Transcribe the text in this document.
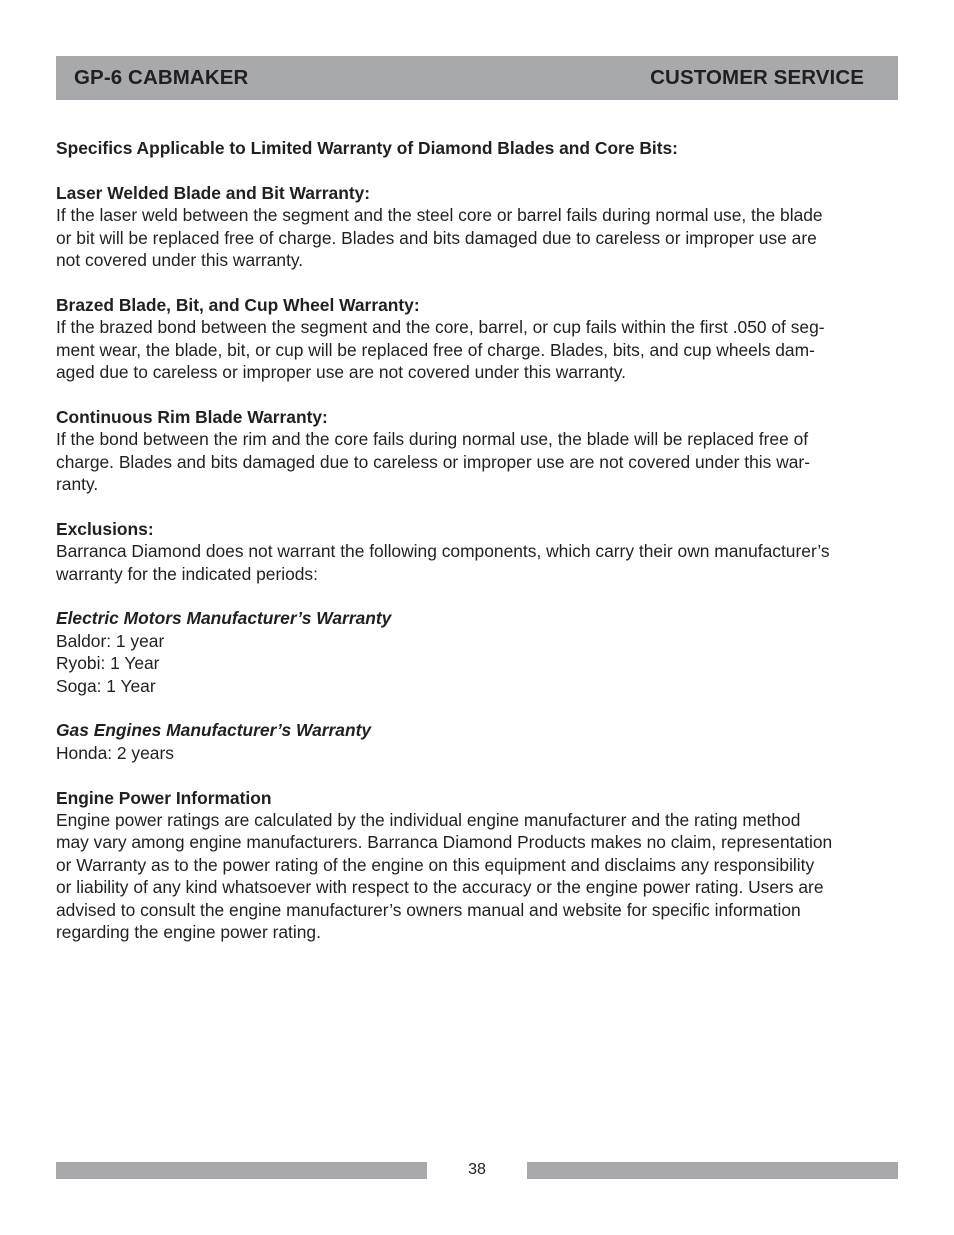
GP-6 CABMAKER	CUSTOMER SERVICE

Specifics Applicable to Limited Warranty of Diamond Blades and Core Bits:

Laser Welded Blade and Bit Warranty:

If the laser weld between the segment and the steel core or barrel fails during normal use, the blade
or bit will be replaced free of charge. Blades and bits damaged due to careless or improper use are
not covered under this warranty.

Brazed Blade, Bit, and Cup Wheel Warranty:

If the brazed bond between the segment and the core, barrel, or cup fails within the first .050 of seg-
ment wear, the blade, bit, or cup will be replaced free of charge. Blades, bits, and cup wheels dam-
aged due to careless or improper use are not covered under this warranty.

Continuous Rim Blade Warranty:

If the bond between the rim and the core fails during normal use, the blade will be replaced free of
charge. Blades and bits damaged due to careless or improper use are not covered under this war-
ranty.

Exclusions:

Barranca Diamond does not warrant the following components, which carry their own manufacturer’s
warranty for the indicated periods:

Electric Motors Manufacturer’s Warranty

Baldor: 1 year
Ryobi: 1 Year
Soga: 1 Year

Gas Engines Manufacturer’s Warranty

Honda: 2 years

Engine Power Information

Engine power ratings are calculated by the individual engine manufacturer and the rating method
may vary among engine manufacturers. Barranca Diamond Products makes no claim, representation
or Warranty as to the power rating of the engine on this equipment and disclaims any responsibility
or liability of any kind whatsoever with respect to the accuracy or the engine power rating. Users are
advised to consult the engine manufacturer’s owners manual and website for specific information
regarding the engine power rating.

38
